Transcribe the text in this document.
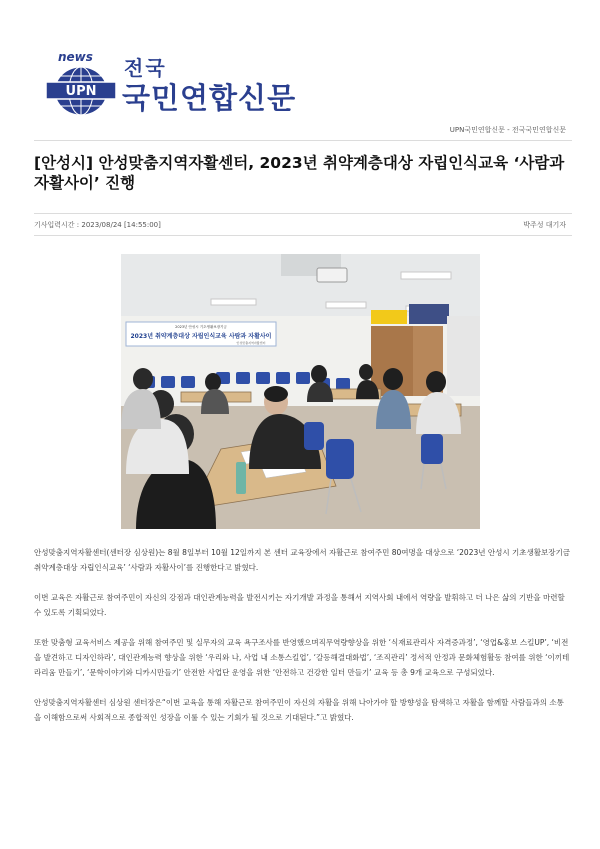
news
UPN
전국
국민연합신문
UPN국민연합신문 - 전국국민연합신문
[안성시] 안성맞춤지역자활센터, 2023년 취약계층대상 자립인식교육 ‘사람과 자활사이’ 진행
기사입력시간 : 2023/08/24 [14:55:00]	박주성 대기자
2023년 안성시 기초생활보장기금
2023년 취약계층대상 자립인식교육 사람과 자활사이
안성맞춤지역자활센터

안성맞춤지역자활센터(센터장 심상원)는 8월 8일부터 10월 12일까지 본 센터 교육장에서 자활근로 참여주민 80여명을 대상으로 ‘2023년 안성시 기초생활보장기금 취약계층대상 자립인식교육’ ‘사람과 자활사이’를 진행한다고 밝혔다.

이번 교육은 자활근로 참여주민이 자신의 강점과 대인관계능력을 발전시키는 자기개발 과정을 통해서 지역사회 내에서 역량을 발휘하고 더 나은 삶의 기반을 마련할 수 있도록 기획되었다.

또한 맞춤형 교육서비스 제공을 위해 참여주민 및 실무자의 교육 욕구조사를 반영했으며직무역량향상을 위한 ‘식재료관리사 자격증과정’, ‘영업&홍보 스킬UP’, ‘비전을 발견하고 디자인하라’, 대인관계능력 향상을 위한 ‘우리와 나, 사업 내 소통스킬업’, ‘갈등해결대화법’, ‘조직관리’ 정서적 안정과 문화체험활동 참여를 위한 ‘이끼테라리움 만들기’, ‘문학이야기와 디카시만들기’ 안전한 사업단 운영을 위한 ‘안전하고 건강한 일터 만들기’ 교육 등 총 9개 교육으로 구성되었다.

안성맞춤지역자활센터 심상원 센터장은“이번 교육을 통해 자활근로 참여주민이 자신의 자활을 위해 나아가야 할 방향성을 탐색하고 자활을 함께할 사람들과의 소통을 이해함으로써 사회적으로 종합적인 성장을 이룰 수 있는 기회가 될 것으로 기대된다.”고 밝혔다.
